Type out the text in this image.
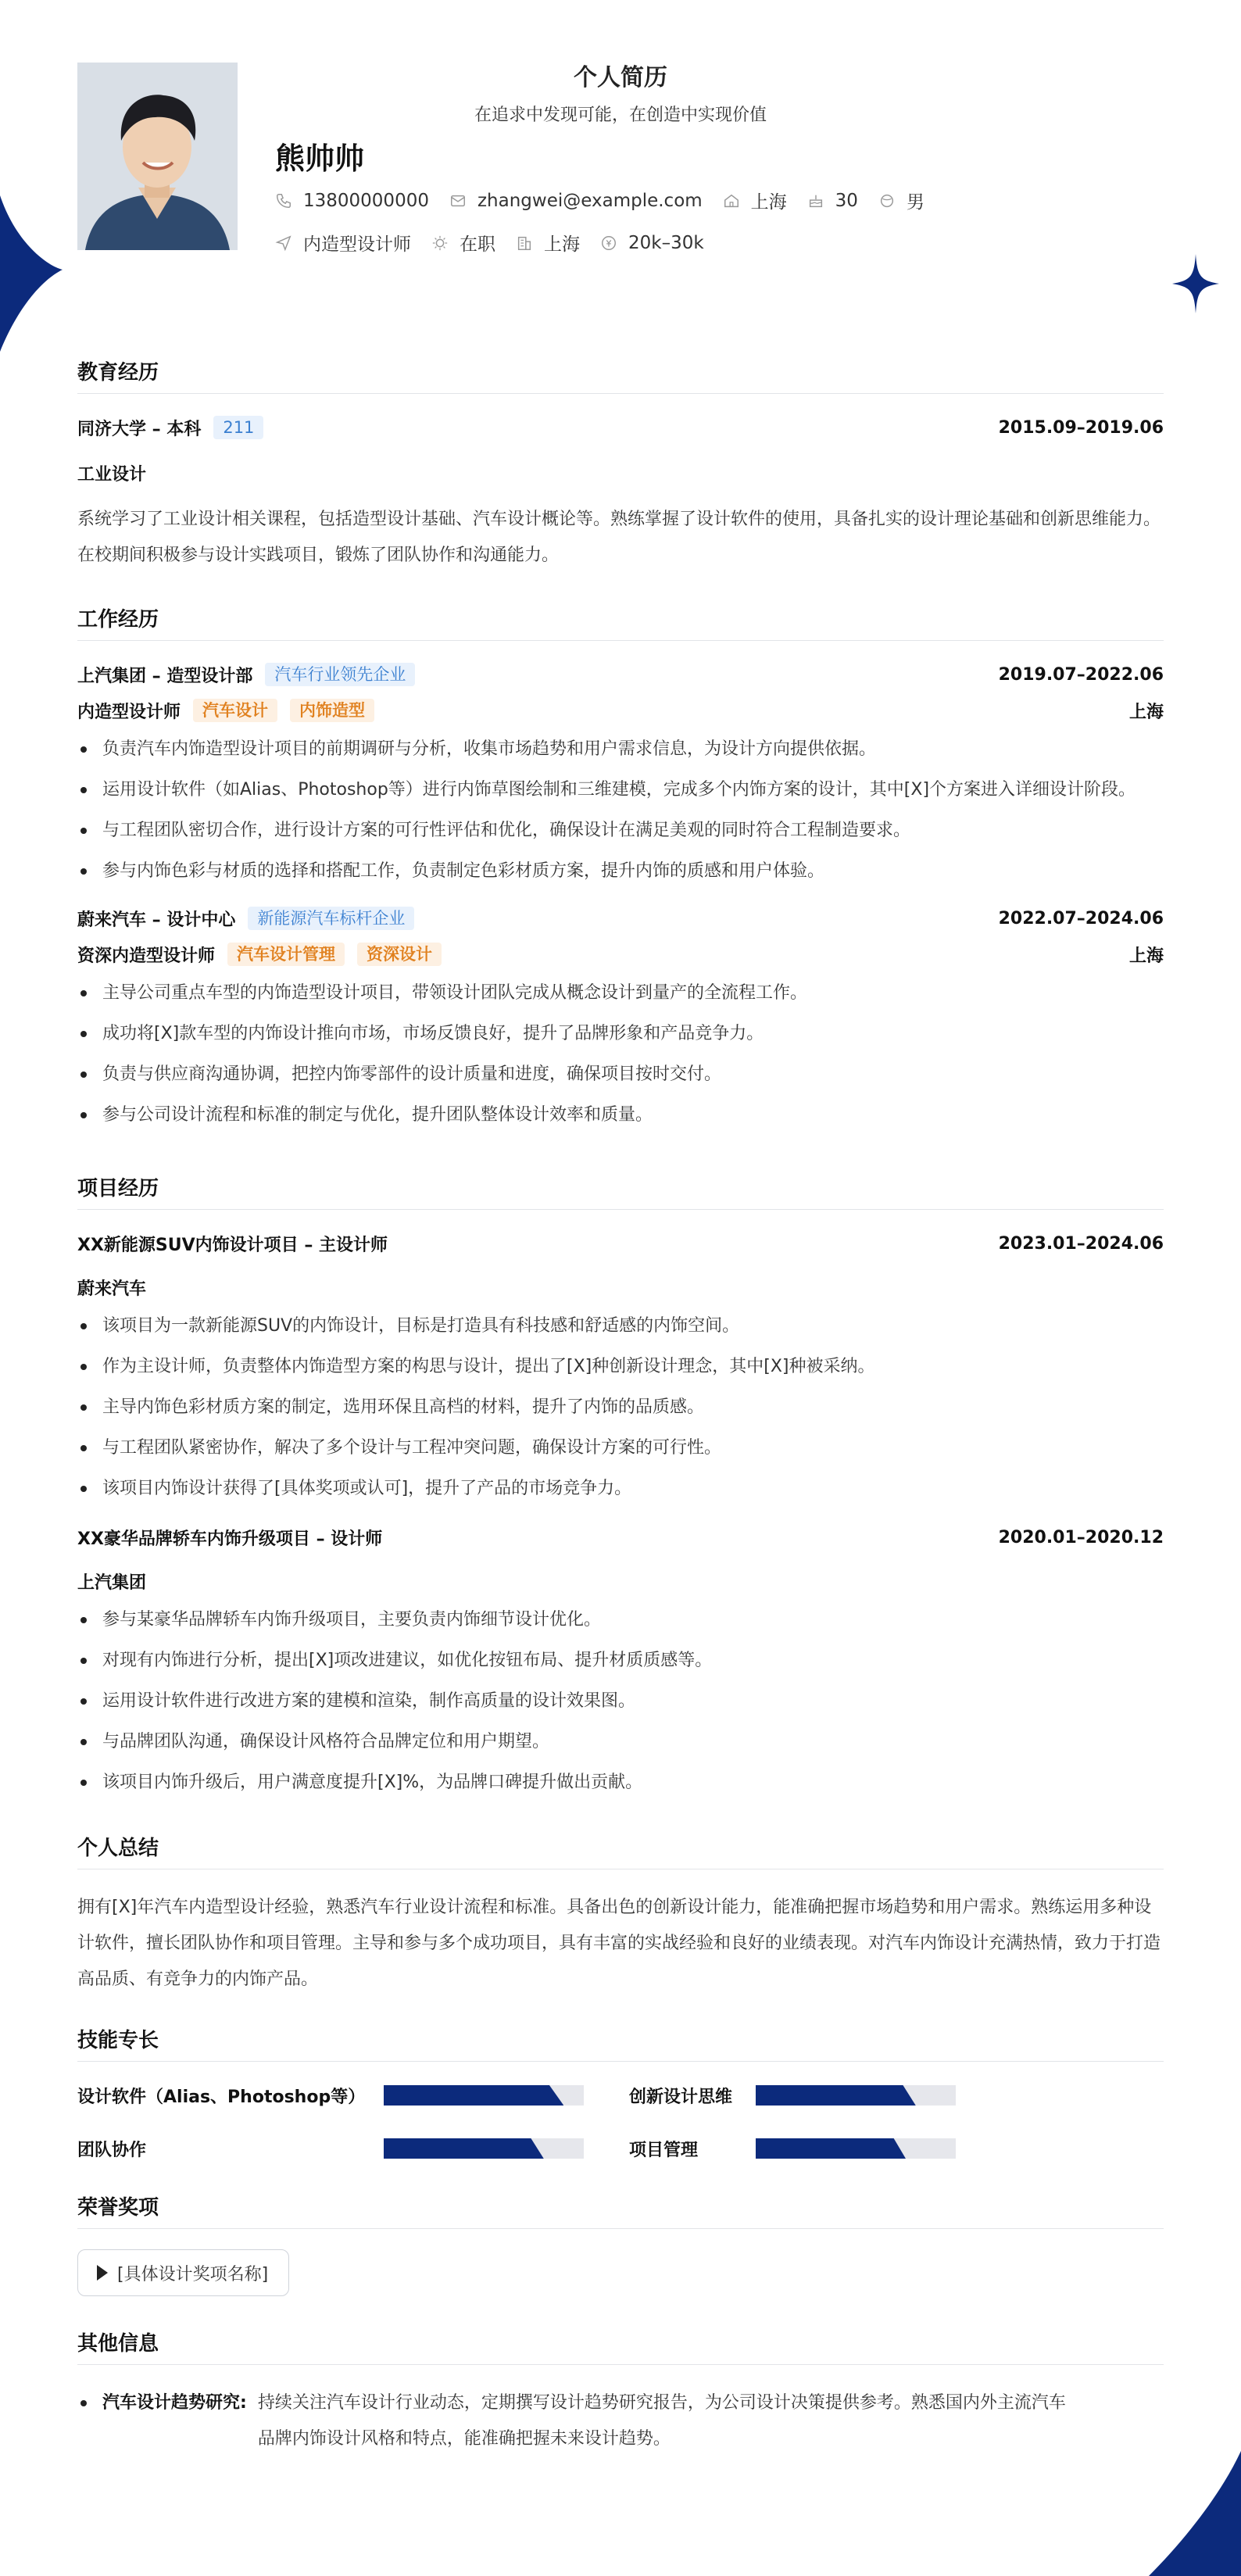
个人简历
在追求中发现可能，在创造中实现价值
熊帅帅
13800000000	zhangwei@example.com	上海	30	男
内造型设计师	在职	上海	20k–30k
教育经历
同济大学 – 本科	211	2015.09–2019.06
工业设计
系统学习了工业设计相关课程，包括造型设计基础、汽车设计概论等。熟练掌握了设计软件的使用，具备扎实的设计理论基础和创新思维能力。在校期间积极参与设计实践项目，锻炼了团队协作和沟通能力。
工作经历
上汽集团 – 造型设计部	汽车行业领先企业	2019.07–2022.06
内造型设计师	汽车设计	内饰造型	上海
负责汽车内饰造型设计项目的前期调研与分析，收集市场趋势和用户需求信息，为设计方向提供依据。
运用设计软件（如Alias、Photoshop等）进行内饰草图绘制和三维建模，完成多个内饰方案的设计，其中[X]个方案进入详细设计阶段。
与工程团队密切合作，进行设计方案的可行性评估和优化，确保设计在满足美观的同时符合工程制造要求。
参与内饰色彩与材质的选择和搭配工作，负责制定色彩材质方案，提升内饰的质感和用户体验。
蔚来汽车 – 设计中心	新能源汽车标杆企业	2022.07–2024.06
资深内造型设计师	汽车设计管理	资深设计	上海
主导公司重点车型的内饰造型设计项目，带领设计团队完成从概念设计到量产的全流程工作。
成功将[X]款车型的内饰设计推向市场，市场反馈良好，提升了品牌形象和产品竞争力。
负责与供应商沟通协调，把控内饰零部件的设计质量和进度，确保项目按时交付。
参与公司设计流程和标准的制定与优化，提升团队整体设计效率和质量。
项目经历
XX新能源SUV内饰设计项目 – 主设计师	2023.01–2024.06
蔚来汽车
该项目为一款新能源SUV的内饰设计，目标是打造具有科技感和舒适感的内饰空间。
作为主设计师，负责整体内饰造型方案的构思与设计，提出了[X]种创新设计理念，其中[X]种被采纳。
主导内饰色彩材质方案的制定，选用环保且高档的材料，提升了内饰的品质感。
与工程团队紧密协作，解决了多个设计与工程冲突问题，确保设计方案的可行性。
该项目内饰设计获得了[具体奖项或认可]，提升了产品的市场竞争力。
XX豪华品牌轿车内饰升级项目 – 设计师	2020.01–2020.12
上汽集团
参与某豪华品牌轿车内饰升级项目，主要负责内饰细节设计优化。
对现有内饰进行分析，提出[X]项改进建议，如优化按钮布局、提升材质质感等。
运用设计软件进行改进方案的建模和渲染，制作高质量的设计效果图。
与品牌团队沟通，确保设计风格符合品牌定位和用户期望。
该项目内饰升级后，用户满意度提升[X]%，为品牌口碑提升做出贡献。
个人总结
拥有[X]年汽车内造型设计经验，熟悉汽车行业设计流程和标准。具备出色的创新设计能力，能准确把握市场趋势和用户需求。熟练运用多种设计软件，擅长团队协作和项目管理。主导和参与多个成功项目，具有丰富的实战经验和良好的业绩表现。对汽车内饰设计充满热情，致力于打造高品质、有竞争力的内饰产品。
技能专长
设计软件（Alias、Photoshop等）	创新设计思维
团队协作	项目管理
荣誉奖项
[具体设计奖项名称]
其他信息
汽车设计趋势研究: 持续关注汽车设计行业动态，定期撰写设计趋势研究报告，为公司设计决策提供参考。熟悉国内外主流汽车
品牌内饰设计风格和特点，能准确把握未来设计趋势。
